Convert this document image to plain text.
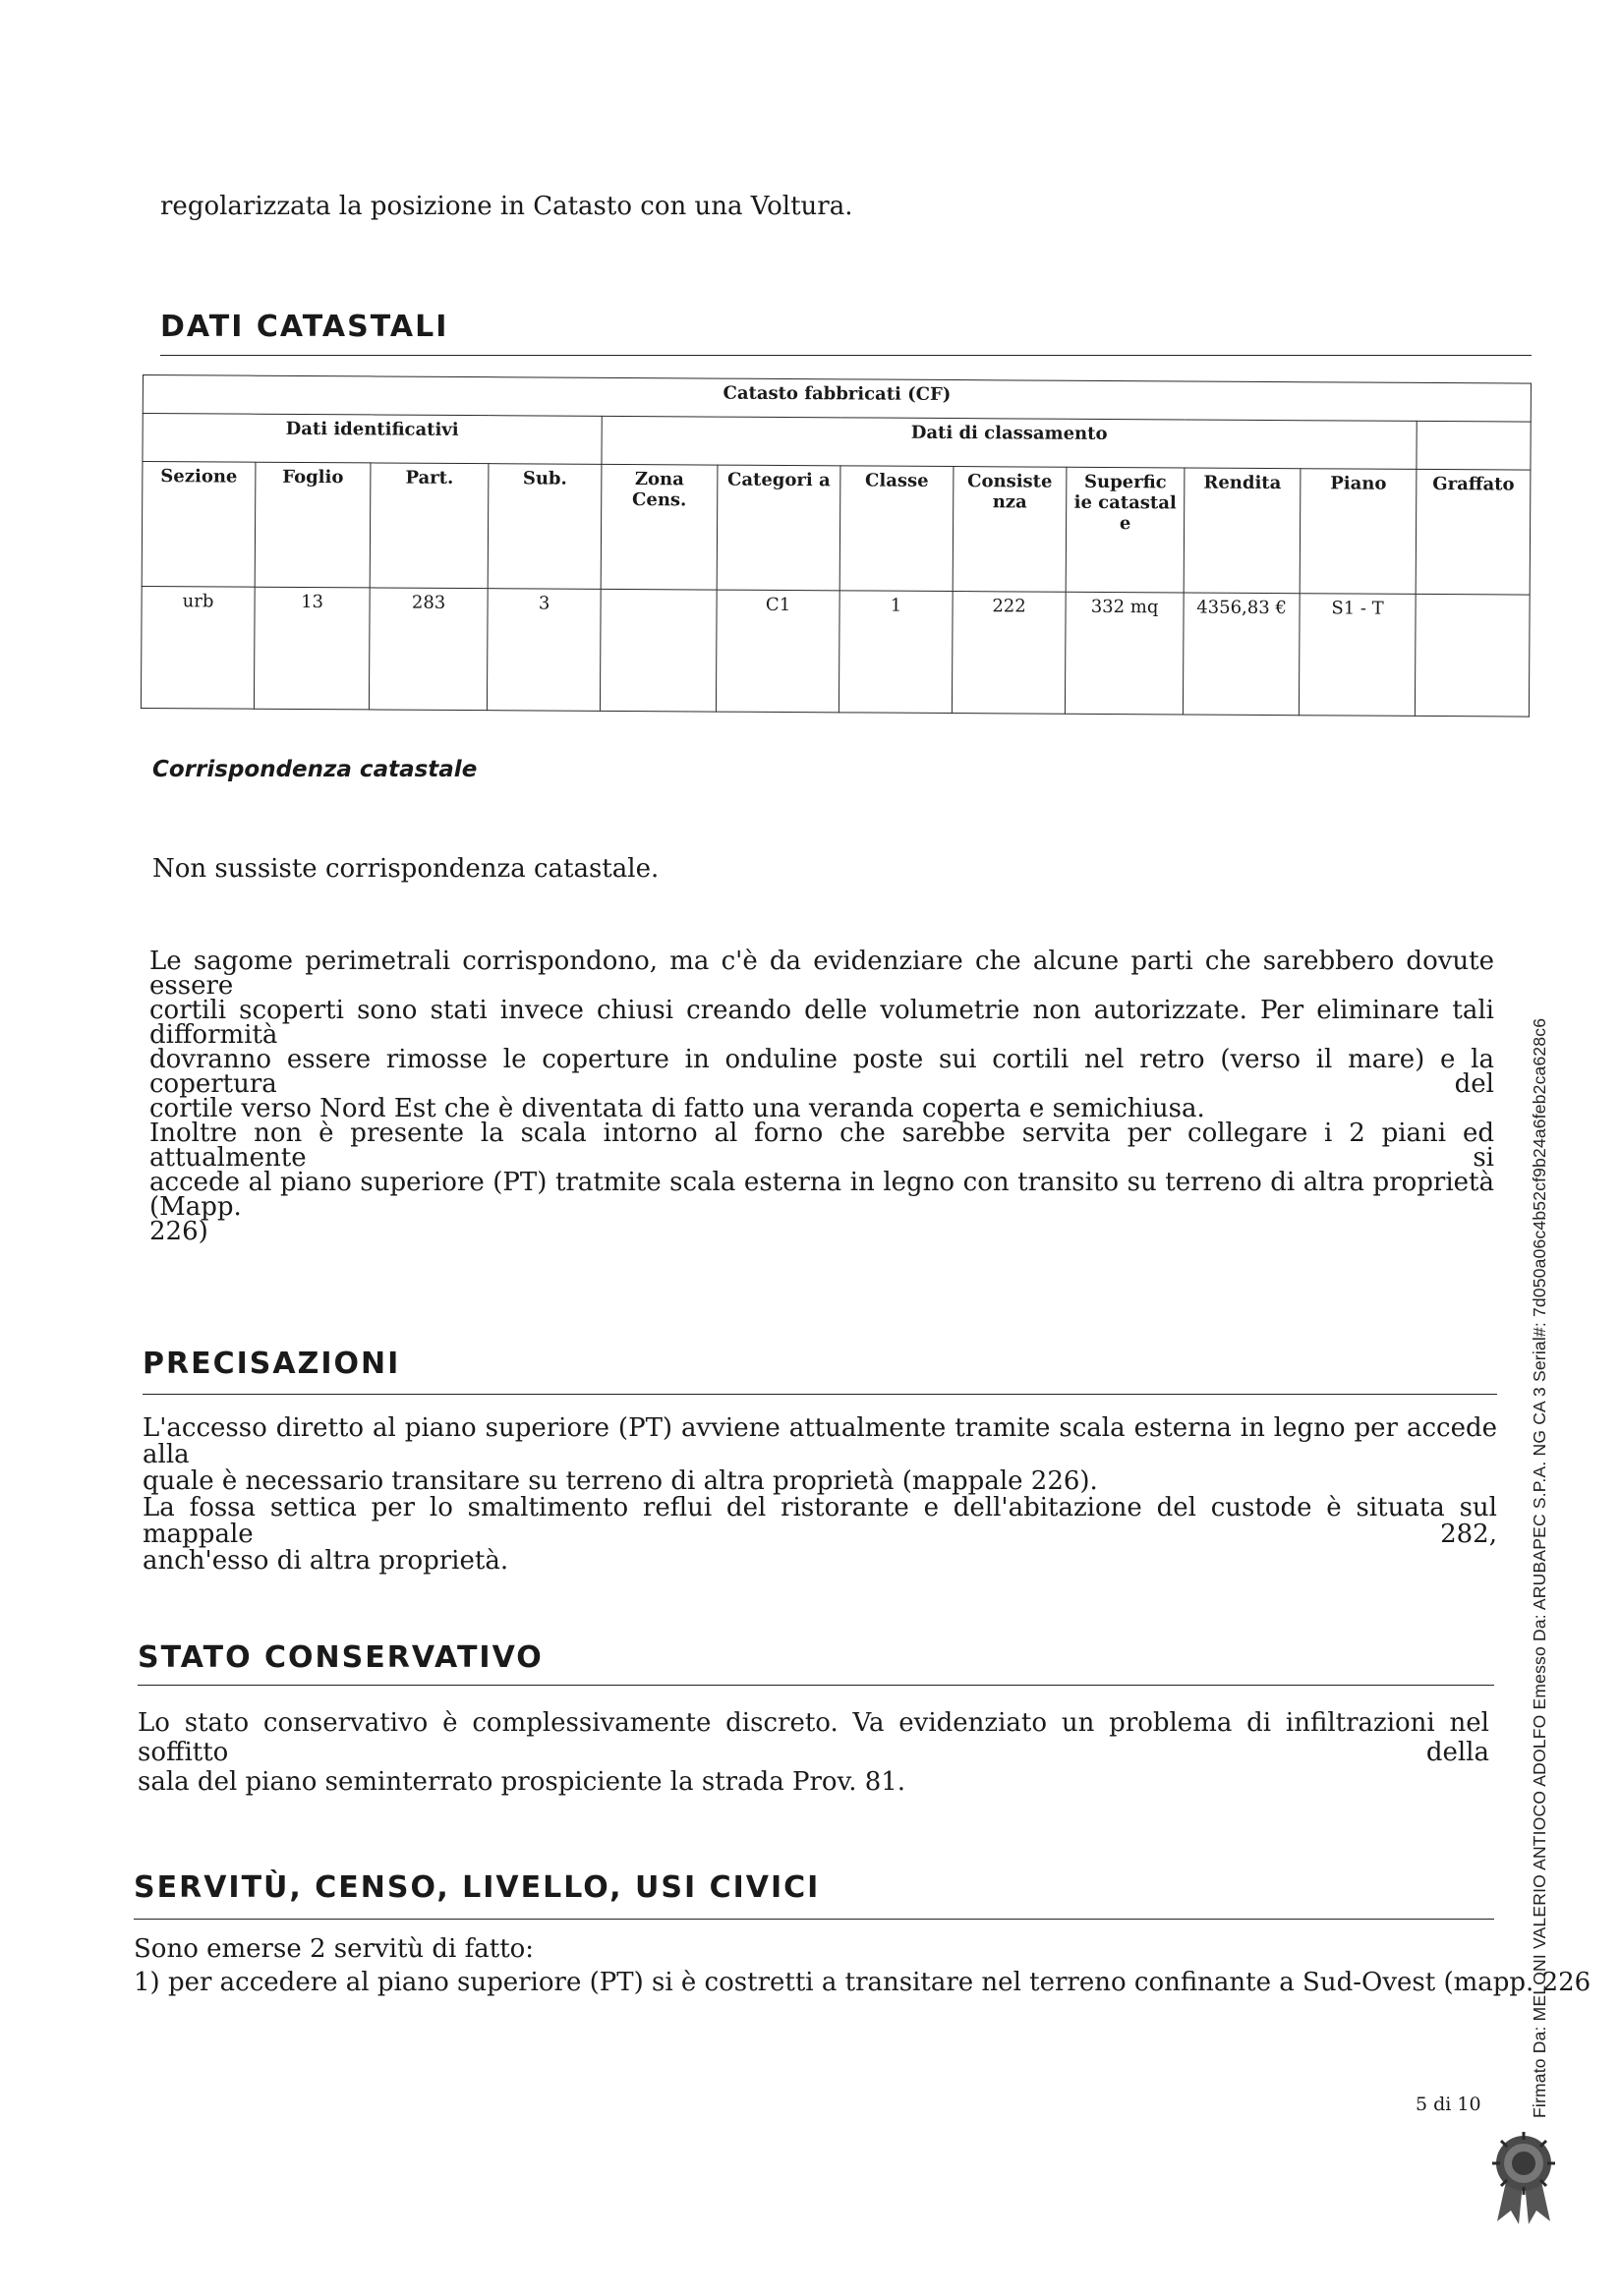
regolarizzata la posizione in Catasto con una Voltura.

DATI CATASTALI
Catasto fabbricati (CF)											
Dati identificativi				Dati di classamento							
Sezione	Foglio	Part.	Sub.	Zona Cens.	Categori a	Classe	Consiste nza	Superfic ie catastal e	Rendita	Piano	Graffato
urb	13	283	3		C1	1	222	332 mq	4356,83 €	S1 - T	

Corrispondenza catastale

Non sussiste corrispondenza catastale.

Le sagome perimetrali corrispondono, ma c'è da evidenziare che alcune parti che sarebbero dovute essere
cortili scoperti sono stati invece chiusi creando delle volumetrie non autorizzate. Per eliminare tali difformità
dovranno essere rimosse le coperture in onduline poste sui cortili nel retro (verso il mare) e la copertura del
cortile verso Nord Est che è diventata di fatto una veranda coperta e semichiusa.
Inoltre non è presente la scala intorno al forno che sarebbe servita per collegare i 2 piani ed attualmente si
accede al piano superiore (PT) tratmite scala esterna in legno con transito su terreno di altra proprietà (Mapp.
226)
PRECISAZIONI
L'accesso diretto al piano superiore (PT) avviene attualmente tramite scala esterna in legno per accede alla
quale è necessario transitare su terreno di altra proprietà (mappale 226).
La fossa settica per lo smaltimento reflui del ristorante e dell'abitazione del custode è situata sul mappale 282,
anch'esso di altra proprietà.
STATO CONSERVATIVO
Lo stato conservativo è complessivamente discreto. Va evidenziato un problema di infiltrazioni nel soffitto della
sala del piano seminterrato prospiciente la strada Prov. 81.
SERVITÙ, CENSO, LIVELLO, USI CIVICI

Sono emerse 2 servitù di fatto:

1) per accedere al piano superiore (PT) si è costretti a transitare nel terreno confinante a Sud-Ovest (mapp. 226

5 di 10	Firmato Da: MELONI VALERIO ANTIOCO ADOLFO Emesso Da: ARUBAPEC S.P.A. NG CA 3 Serial#: 7d050a06c4b52cf9b24a6feb2ca628c6
